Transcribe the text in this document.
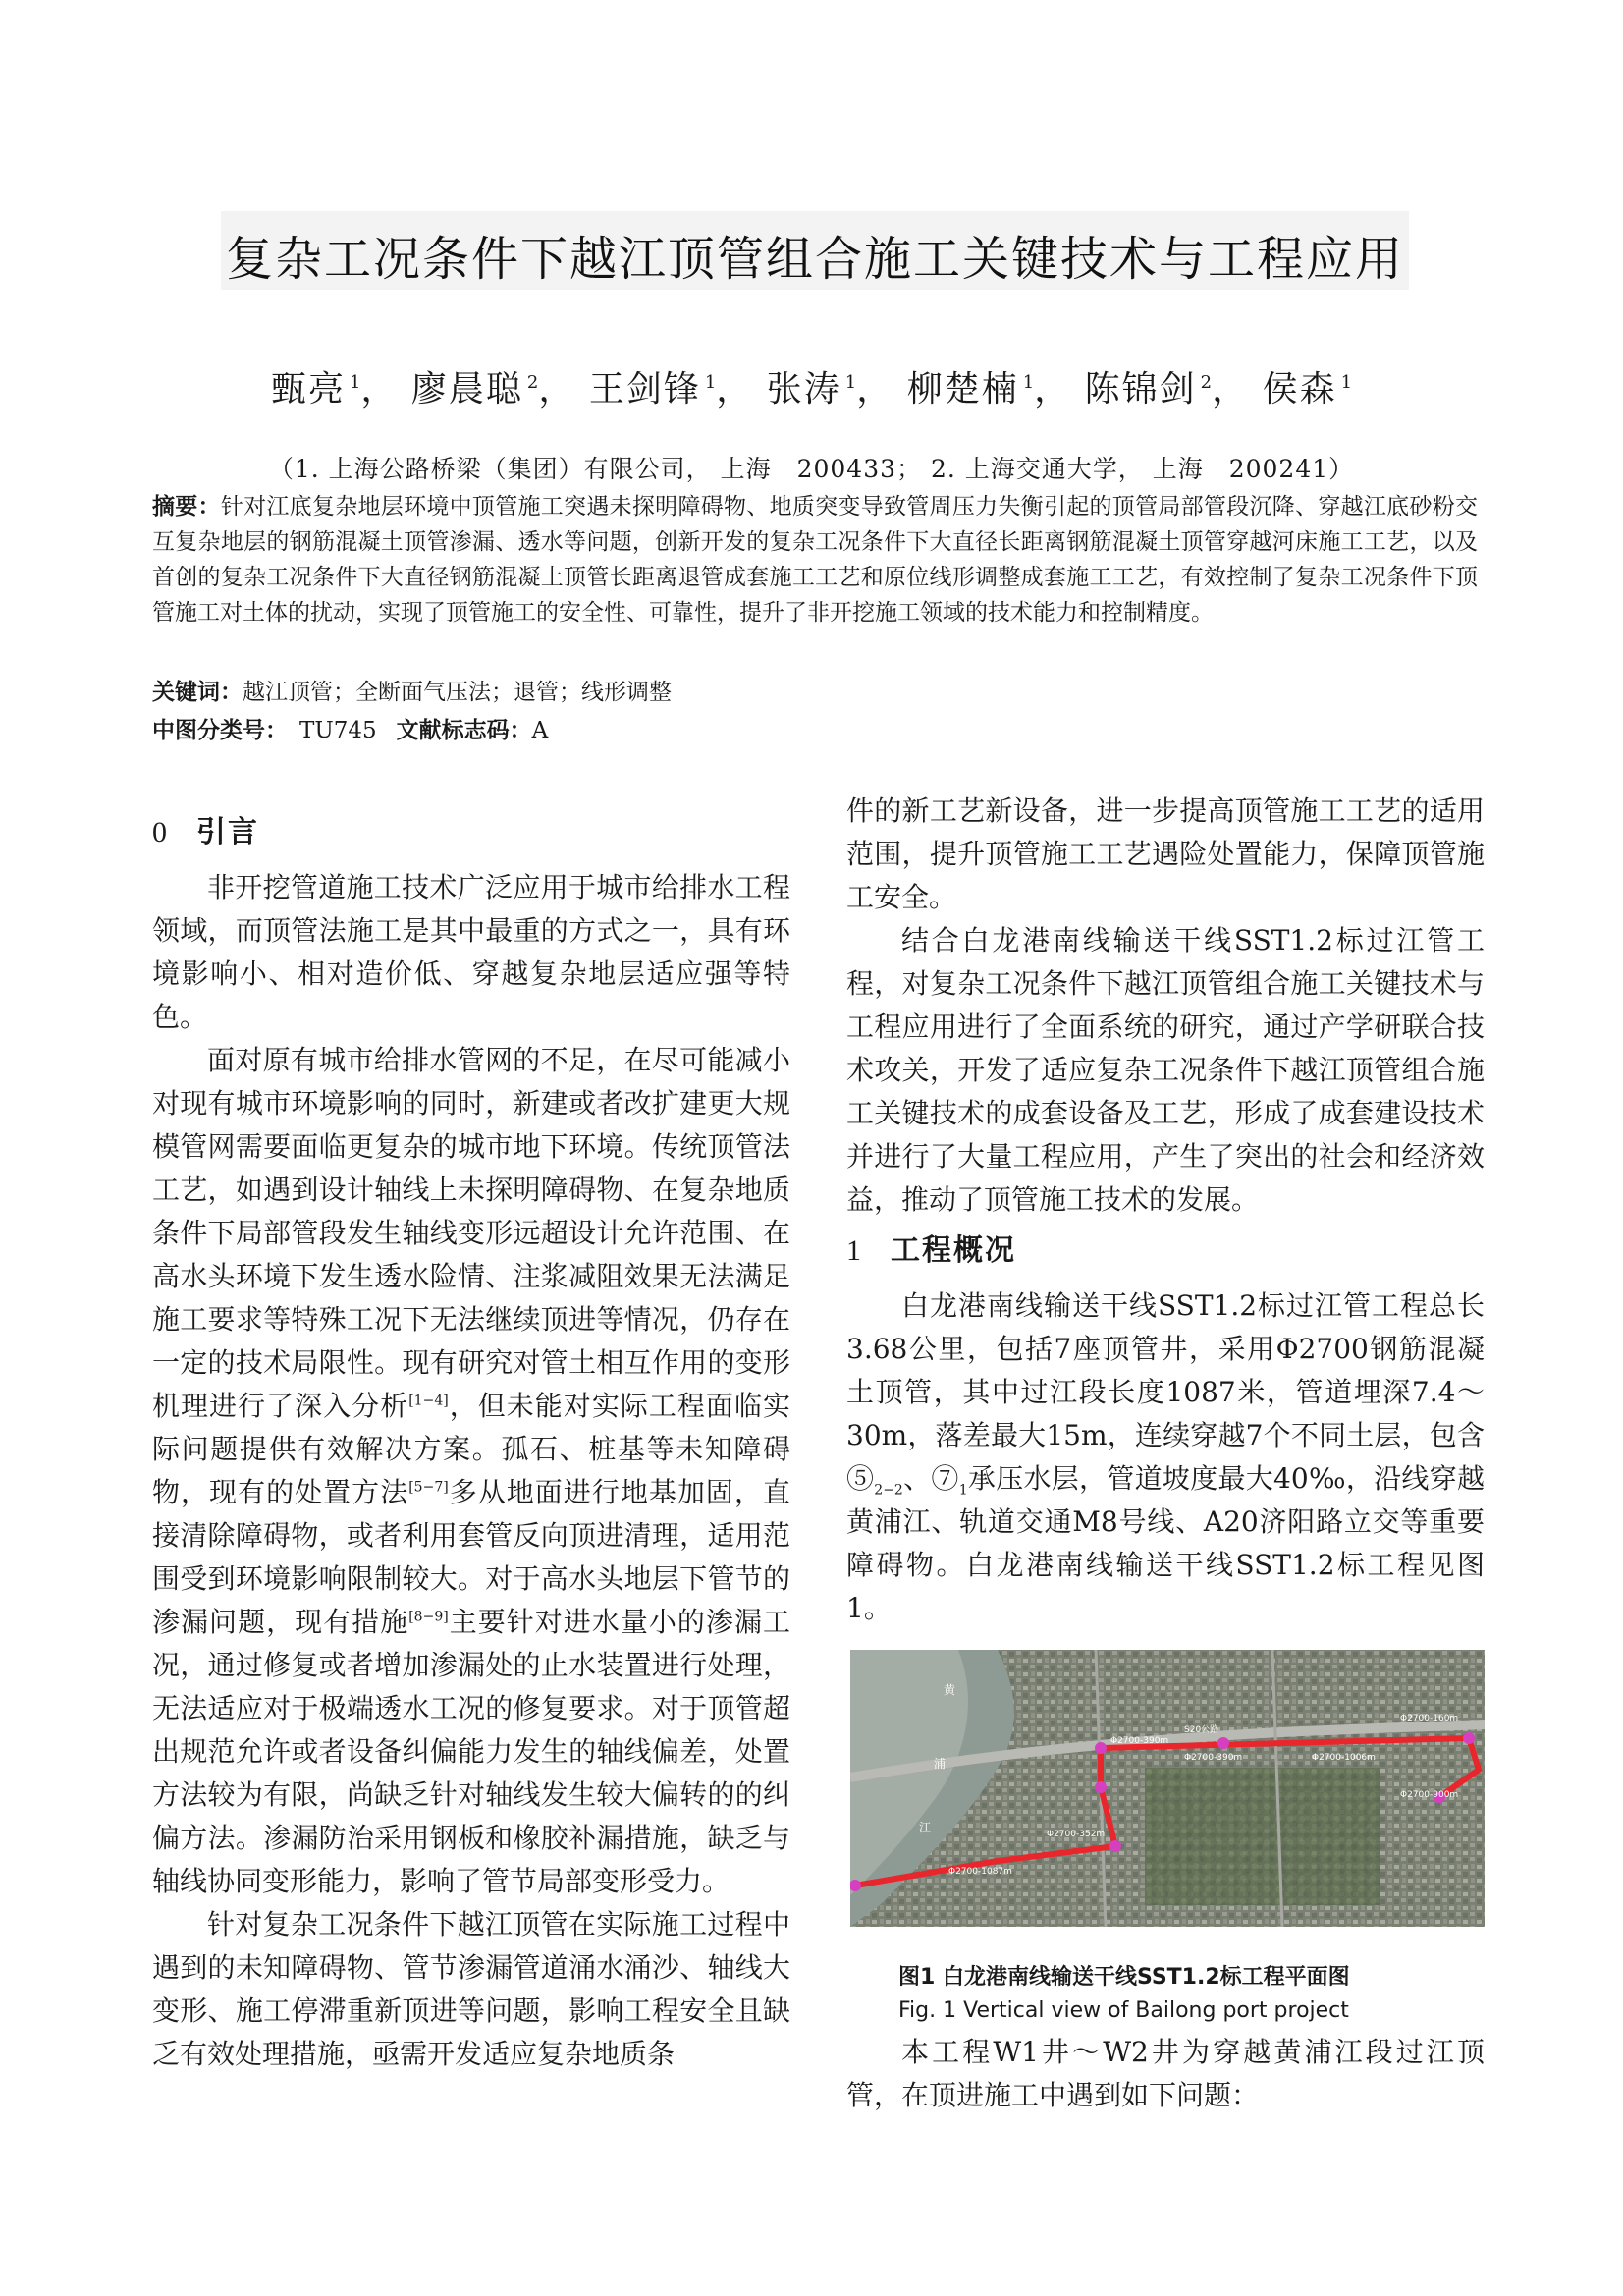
复杂工况条件下越江顶管组合施工关键技术与工程应用
甄亮 $^1$， 廖晨聪 $^2$， 王剑锋 $^1$， 张涛 $^1$， 柳楚楠 $^1$， 陈锦剑 $^2$， 侯森 $^1$
（1. 上海公路桥梁（集团）有限公司， 上海　200433； 2. 上海交通大学， 上海　200241）
摘要：针对江底复杂地层环境中顶管施工突遇未探明障碍物、地质突变导致管周压力失衡引起的顶管局部管段沉降、穿越江底砂粉交互复杂地层的钢筋混凝土顶管渗漏、透水等问题，创新开发的复杂工况条件下大直径长距离钢筋混凝土顶管穿越河床施工工艺，以及首创的复杂工况条件下大直径钢筋混凝土顶管长距离退管成套施工工艺和原位线形调整成套施工工艺，有效控制了复杂工况条件下顶管施工对土体的扰动，实现了顶管施工的安全性、可靠性，提升了非开挖施工领域的技术能力和控制精度。
关键词：越江顶管；全断面气压法；退管；线形调整
中图分类号： TU745 文献标志码：A
0 引言

非开挖管道施工技术广泛应用于城市给排水工程领域，而顶管法施工是其中最重的方式之一，具有环境影响小、相对造价低、穿越复杂地层适应强等特色。

面对原有城市给排水管网的不足，在尽可能减小对现有城市环境影响的同时，新建或者改扩建更大规模管网需要面临更复杂的城市地下环境。传统顶管法工艺，如遇到设计轴线上未探明障碍物、在复杂地质条件下局部管段发生轴线变形远超设计允许范围、在高水头环境下发生透水险情、注浆减阻效果无法满足施工要求等特殊工况下无法继续顶进等情况，仍存在一定的技术局限性。现有研究对管土相互作用的变形机理进行了深入分析[1−4]，但未能对实际工程面临实际问题提供有效解决方案。孤石、桩基等未知障碍物，现有的处置方法[5−7]多从地面进行地基加固，直接清除障碍物，或者利用套管反向顶进清理，适用范围受到环境影响限制较大。对于高水头地层下管节的渗漏问题，现有措施[8−9]主要针对进水量小的渗漏工况，通过修复或者增加渗漏处的止水装置进行处理，无法适应对于极端透水工况的修复要求。对于顶管超出规范允许或者设备纠偏能力发生的轴线偏差，处置方法较为有限，尚缺乏针对轴线发生较大偏转的的纠偏方法。渗漏防治采用钢板和橡胶补漏措施，缺乏与轴线协同变形能力，影响了管节局部变形受力。

针对复杂工况条件下越江顶管在实际施工过程中遇到的未知障碍物、管节渗漏管道涌水涌沙、轴线大变形、施工停滞重新顶进等问题，影响工程安全且缺乏有效处理措施，亟需开发适应复杂地质条

件的新工艺新设备，进一步提高顶管施工工艺的适用范围，提升顶管施工工艺遇险处置能力，保障顶管施工安全。

结合白龙港南线输送干线SST1.2标过江管工程，对复杂工况条件下越江顶管组合施工关键技术与工程应用进行了全面系统的研究，通过产学研联合技术攻关，开发了适应复杂工况条件下越江顶管组合施工关键技术的成套设备及工艺，形成了成套建设技术并进行了大量工程应用，产生了突出的社会和经济效益，推动了顶管施工技术的发展。

1 工程概况

白龙港南线输送干线SST1.2标过江管工程总长3.68公里，包括7座顶管井，采用Φ2700钢筋混凝土顶管，其中过江段长度1087米，管道埋深7.4～30m，落差最大15m，连续穿越7个不同土层，包含$⑤_{2-2}$、$⑦_1$承压水层，管道坡度最大40‰，沿线穿越黄浦江、轨道交通M8号线、A20济阳路立交等重要障碍物。白龙港南线输送干线SST1.2标工程见图1。

S20公路
黄
浦
江
Φ2700-390m
Φ2700-390m
Φ2700-160m
Φ2700-1006m
Φ2700-352m
Φ2700-1087m
Φ2700-900m
图1 白龙港南线输送干线SST1.2标工程平面图
Fig. 1 Vertical view of Bailong port project

本工程W1井～W2井为穿越黄浦江段过江顶管，在顶进施工中遇到如下问题：
